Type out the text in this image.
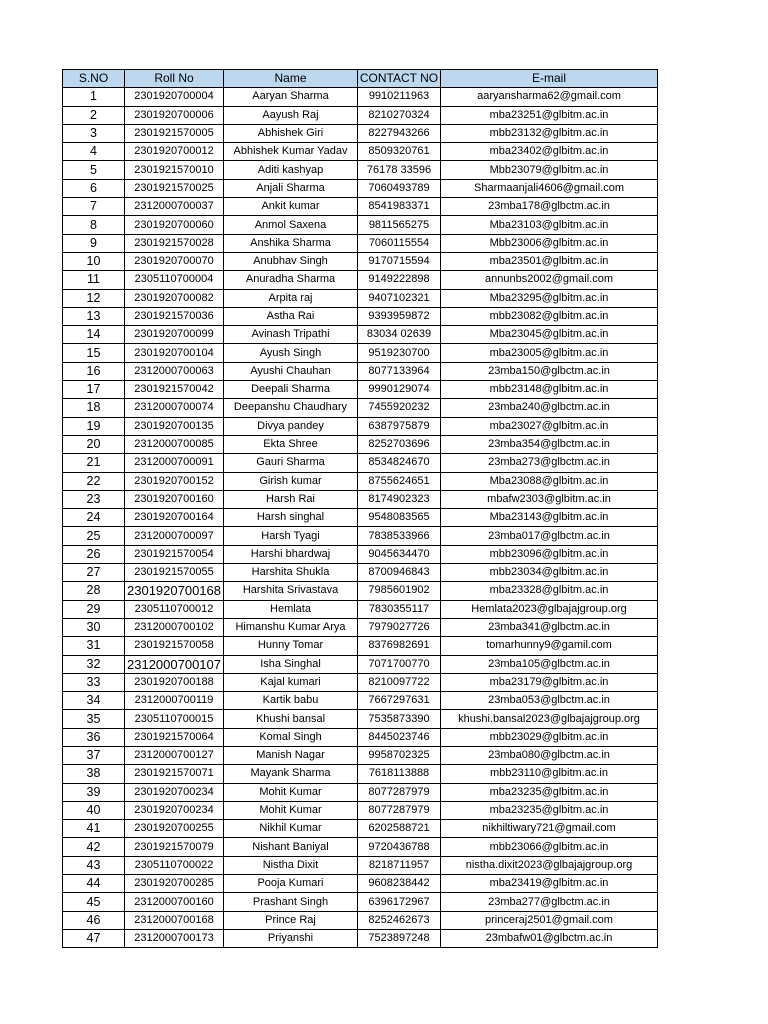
S.NO	Roll No	Name	CONTACT NO	E-mail
1	2301920700004	Aaryan Sharma	9910211963	aaryansharma62@gmail.com
2	2301920700006	Aayush Raj	8210270324	mba23251@glbitm.ac.in
3	2301921570005	Abhishek Giri	8227943266	mbb23132@glbitm.ac.in
4	2301920700012	Abhishek Kumar Yadav	8509320761	mba23402@glbitm.ac.in
5	2301921570010	Aditi kashyap	76178 33596	Mbb23079@glbitm.ac.in
6	2301921570025	Anjali Sharma	7060493789	Sharmaanjali4606@gmail.com
7	2312000700037	Ankit kumar	8541983371	23mba178@glbctm.ac.in
8	2301920700060	Anmol Saxena	9811565275	Mba23103@glbitm.ac.in
9	2301921570028	Anshika Sharma	7060115554	Mbb23006@glbitm.ac.in
10	2301920700070	Anubhav Singh	9170715594	mba23501@glbitm.ac.in
11	2305110700004	Anuradha Sharma	9149222898	annunbs2002@gmail.com
12	2301920700082	Arpita raj	9407102321	Mba23295@glbitm.ac.in
13	2301921570036	Astha Rai	9393959872	mbb23082@glbitm.ac.in
14	2301920700099	Avinash Tripathi	83034 02639	Mba23045@glbitm.ac.in
15	2301920700104	Ayush Singh	9519230700	mba23005@glbitm.ac.in
16	2312000700063	Ayushi Chauhan	8077133964	23mba150@glbctm.ac.in
17	2301921570042	Deepali Sharma	9990129074	mbb23148@glbitm.ac.in
18	2312000700074	Deepanshu Chaudhary	7455920232	23mba240@glbctm.ac.in
19	2301920700135	Divya pandey	6387975879	mba23027@glbitm.ac.in
20	2312000700085	Ekta Shree	8252703696	23mba354@glbctm.ac.in
21	2312000700091	Gauri Sharma	8534824670	23mba273@glbctm.ac.in
22	2301920700152	Girish kumar	8755624651	Mba23088@glbitm.ac.in
23	2301920700160	Harsh Rai	8174902323	mbafw2303@glbitm.ac.in
24	2301920700164	Harsh singhal	9548083565	Mba23143@glbitm.ac.in
25	2312000700097	Harsh Tyagi	7838533966	23mba017@glbctm.ac.in
26	2301921570054	Harshi bhardwaj	9045634470	mbb23096@glbitm.ac.in
27	2301921570055	Harshita Shukla	8700946843	mbb23034@glbitm.ac.in
28	2301920700168	Harshita Srivastava	7985601902	mba23328@glbitm.ac.in
29	2305110700012	Hemlata	7830355117	Hemlata2023@glbajajgroup.org
30	2312000700102	Himanshu Kumar Arya	7979027726	23mba341@glbctm.ac.in
31	2301921570058	Hunny Tomar	8376982691	tomarhunny9@gamil.com
32	2312000700107	Isha Singhal	7071700770	23mba105@glbctm.ac.in
33	2301920700188	Kajal kumari	8210097722	mba23179@glbitm.ac.in
34	2312000700119	Kartik babu	7667297631	23mba053@glbctm.ac.in
35	2305110700015	Khushi bansal	7535873390	khushi.bansal2023@glbajajgroup.org
36	2301921570064	Komal Singh	8445023746	mbb23029@glbitm.ac.in
37	2312000700127	Manish Nagar	9958702325	23mba080@glbctm.ac.in
38	2301921570071	Mayank Sharma	7618113888	mbb23110@glbitm.ac.in
39	2301920700234	Mohit Kumar	8077287979	mba23235@glbitm.ac.in
40	2301920700234	Mohit Kumar	8077287979	mba23235@glbitm.ac.in
41	2301920700255	Nikhil Kumar	6202588721	nikhiltiwary721@gmail.com
42	2301921570079	Nishant Baniyal	9720436788	mbb23066@glbitm.ac.in
43	2305110700022	Nistha Dixit	8218711957	nistha.dixit2023@glbajajgroup.org
44	2301920700285	Pooja Kumari	9608238442	mba23419@glbitm.ac.in
45	2312000700160	Prashant Singh	6396172967	23mba277@glbctm.ac.in
46	2312000700168	Prince Raj	8252462673	princeraj2501@gmail.com
47	2312000700173	Priyanshi	7523897248	23mbafw01@glbctm.ac.in
